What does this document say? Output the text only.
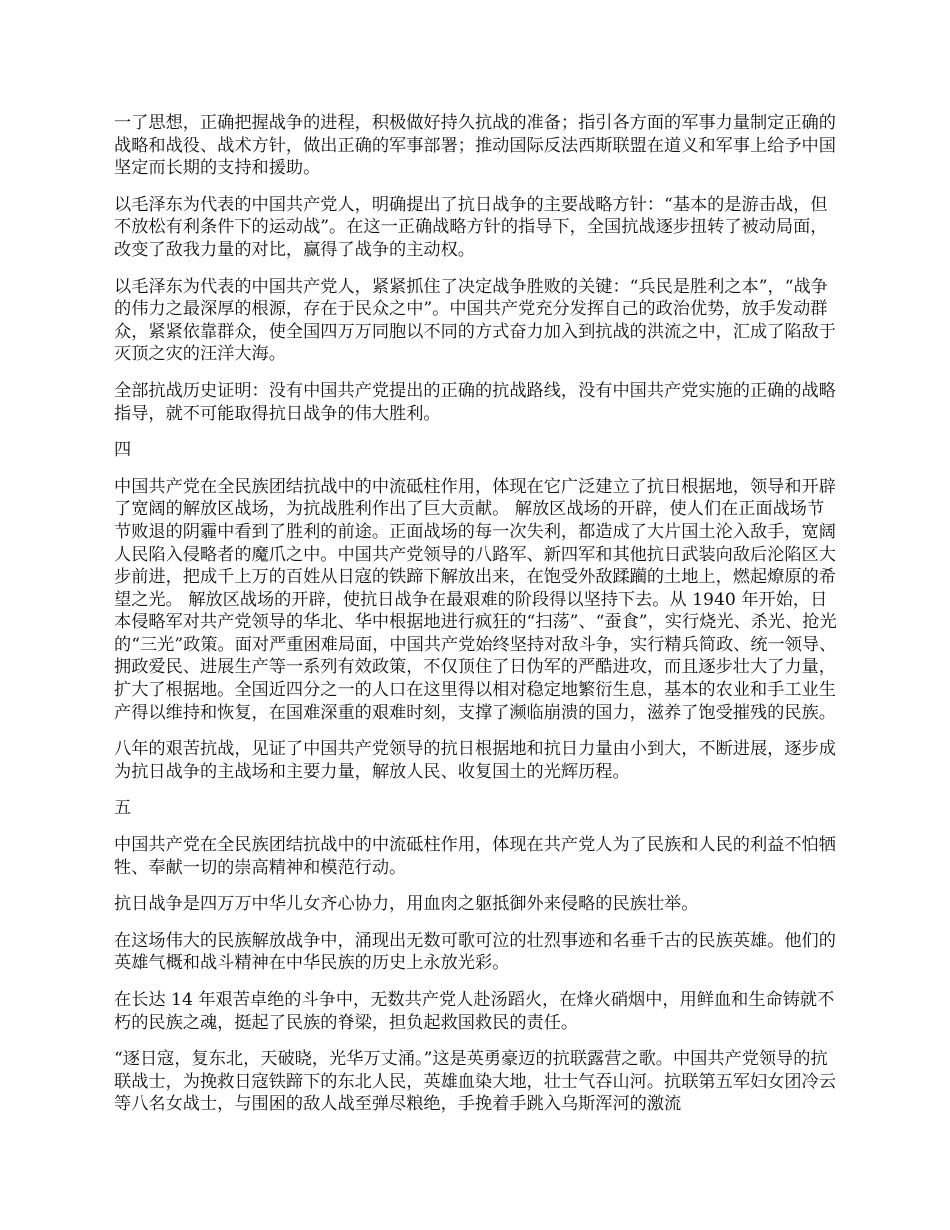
一了思想，正确把握战争的进程，积极做好持久抗战的准备；指引各方面的军事力量制定正确的战略和战役、战术方针，做出正确的军事部署；推动国际反法西斯联盟在道义和军事上给予中国坚定而长期的支持和援助。

以毛泽东为代表的中国共产党人，明确提出了抗日战争的主要战略方针：“基本的是游击战，但不放松有利条件下的运动战”。在这一正确战略方针的指导下，全国抗战逐步扭转了被动局面，改变了敌我力量的对比，赢得了战争的主动权。

以毛泽东为代表的中国共产党人，紧紧抓住了决定战争胜败的关键：“兵民是胜利之本”，“战争的伟力之最深厚的根源，存在于民众之中”。中国共产党充分发挥自己的政治优势，放手发动群众，紧紧依靠群众，使全国四万万同胞以不同的方式奋力加入到抗战的洪流之中，汇成了陷敌于灭顶之灾的汪洋大海。

全部抗战历史证明：没有中国共产党提出的正确的抗战路线，没有中国共产党实施的正确的战略指导，就不可能取得抗日战争的伟大胜利。

四

中国共产党在全民族团结抗战中的中流砥柱作用，体现在它广泛建立了抗日根据地，领导和开辟了宽阔的解放区战场，为抗战胜利作出了巨大贡献。 解放区战场的开辟，使人们在正面战场节节败退的阴霾中看到了胜利的前途。正面战场的每一次失利，都造成了大片国土沦入敌手，宽阔人民陷入侵略者的魔爪之中。中国共产党领导的八路军、新四军和其他抗日武装向敌后沦陷区大步前进，把成千上万的百姓从日寇的铁蹄下解放出来，在饱受外敌蹂躏的土地上，燃起燎原的希望之光。 解放区战场的开辟，使抗日战争在最艰难的阶段得以坚持下去。从 1940 年开始，日本侵略军对共产党领导的华北、华中根据地进行疯狂的“扫荡”、“蚕食”，实行烧光、杀光、抢光的“三光”政策。面对严重困难局面，中国共产党始终坚持对敌斗争，实行精兵简政、统一领导、拥政爱民、进展生产等一系列有效政策，不仅顶住了日伪军的严酷进攻，而且逐步壮大了力量，扩大了根据地。全国近四分之一的人口在这里得以相对稳定地繁衍生息，基本的农业和手工业生产得以维持和恢复，在国难深重的艰难时刻，支撑了濒临崩溃的国力，滋养了饱受摧残的民族。

八年的艰苦抗战，见证了中国共产党领导的抗日根据地和抗日力量由小到大，不断进展，逐步成为抗日战争的主战场和主要力量，解放人民、收复国土的光辉历程。

五

中国共产党在全民族团结抗战中的中流砥柱作用，体现在共产党人为了民族和人民的利益不怕牺牲、奉献一切的崇高精神和模范行动。

抗日战争是四万万中华儿女齐心协力，用血肉之躯抵御外来侵略的民族壮举。

在这场伟大的民族解放战争中，涌现出无数可歌可泣的壮烈事迹和名垂千古的民族英雄。他们的英雄气概和战斗精神在中华民族的历史上永放光彩。

在长达 14 年艰苦卓绝的斗争中，无数共产党人赴汤蹈火，在烽火硝烟中，用鲜血和生命铸就不朽的民族之魂，挺起了民族的脊梁，担负起救国救民的责任。

“逐日寇，复东北，天破晓，光华万丈涌。”这是英勇豪迈的抗联露营之歌。中国共产党领导的抗联战士，为挽救日寇铁蹄下的东北人民，英雄血染大地，壮士气吞山河。抗联第五军妇女团冷云等八名女战士，与围困的敌人战至弹尽粮绝，手挽着手跳入乌斯浑河的激流
